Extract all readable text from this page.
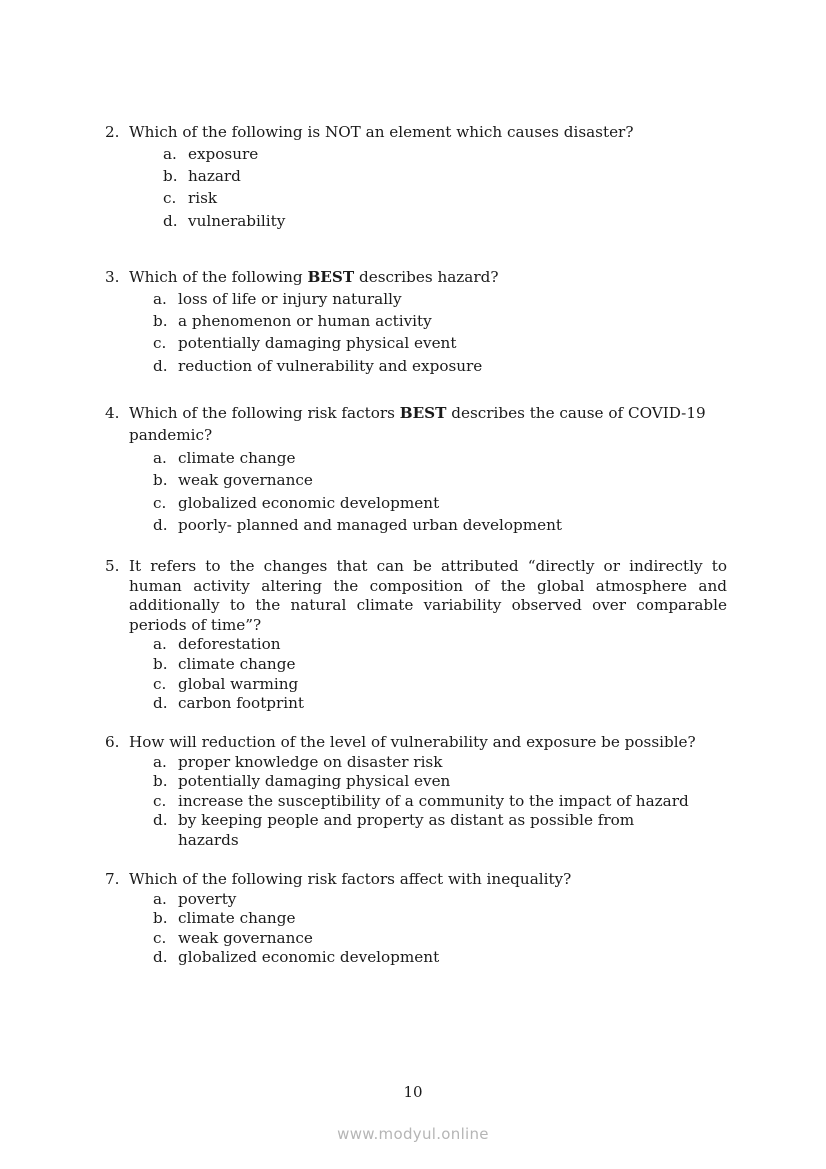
2. Which of the following is NOT an element which causes disaster?
a. exposure
b. hazard
c. risk
d. vulnerability
3. Which of the following BEST describes hazard?
a. loss of life or injury naturally
b. a phenomenon or human activity
c. potentially damaging physical event
d. reduction of vulnerability and exposure
4. Which of the following risk factors BEST describes the cause of COVID-19 pandemic?
a. climate change
b. weak governance
c. globalized economic development
d. poorly- planned and managed urban development
5. It refers to the changes that can be attributed “directly or indirectly to human activity altering the composition of the global atmosphere and additionally to the natural climate variability observed over comparable periods of time”?
a. deforestation
b. climate change
c. global warming
d. carbon footprint
6. How will reduction of the level of vulnerability and exposure be possible?
a. proper knowledge on disaster risk
b. potentially damaging physical even
c. increase the susceptibility of a community to the impact of hazard
d. by keeping people and property as distant as possible from hazards
7. Which of the following risk factors affect with inequality?
a. poverty
b. climate change
c. weak governance
d. globalized economic development
10
www.modyul.online
